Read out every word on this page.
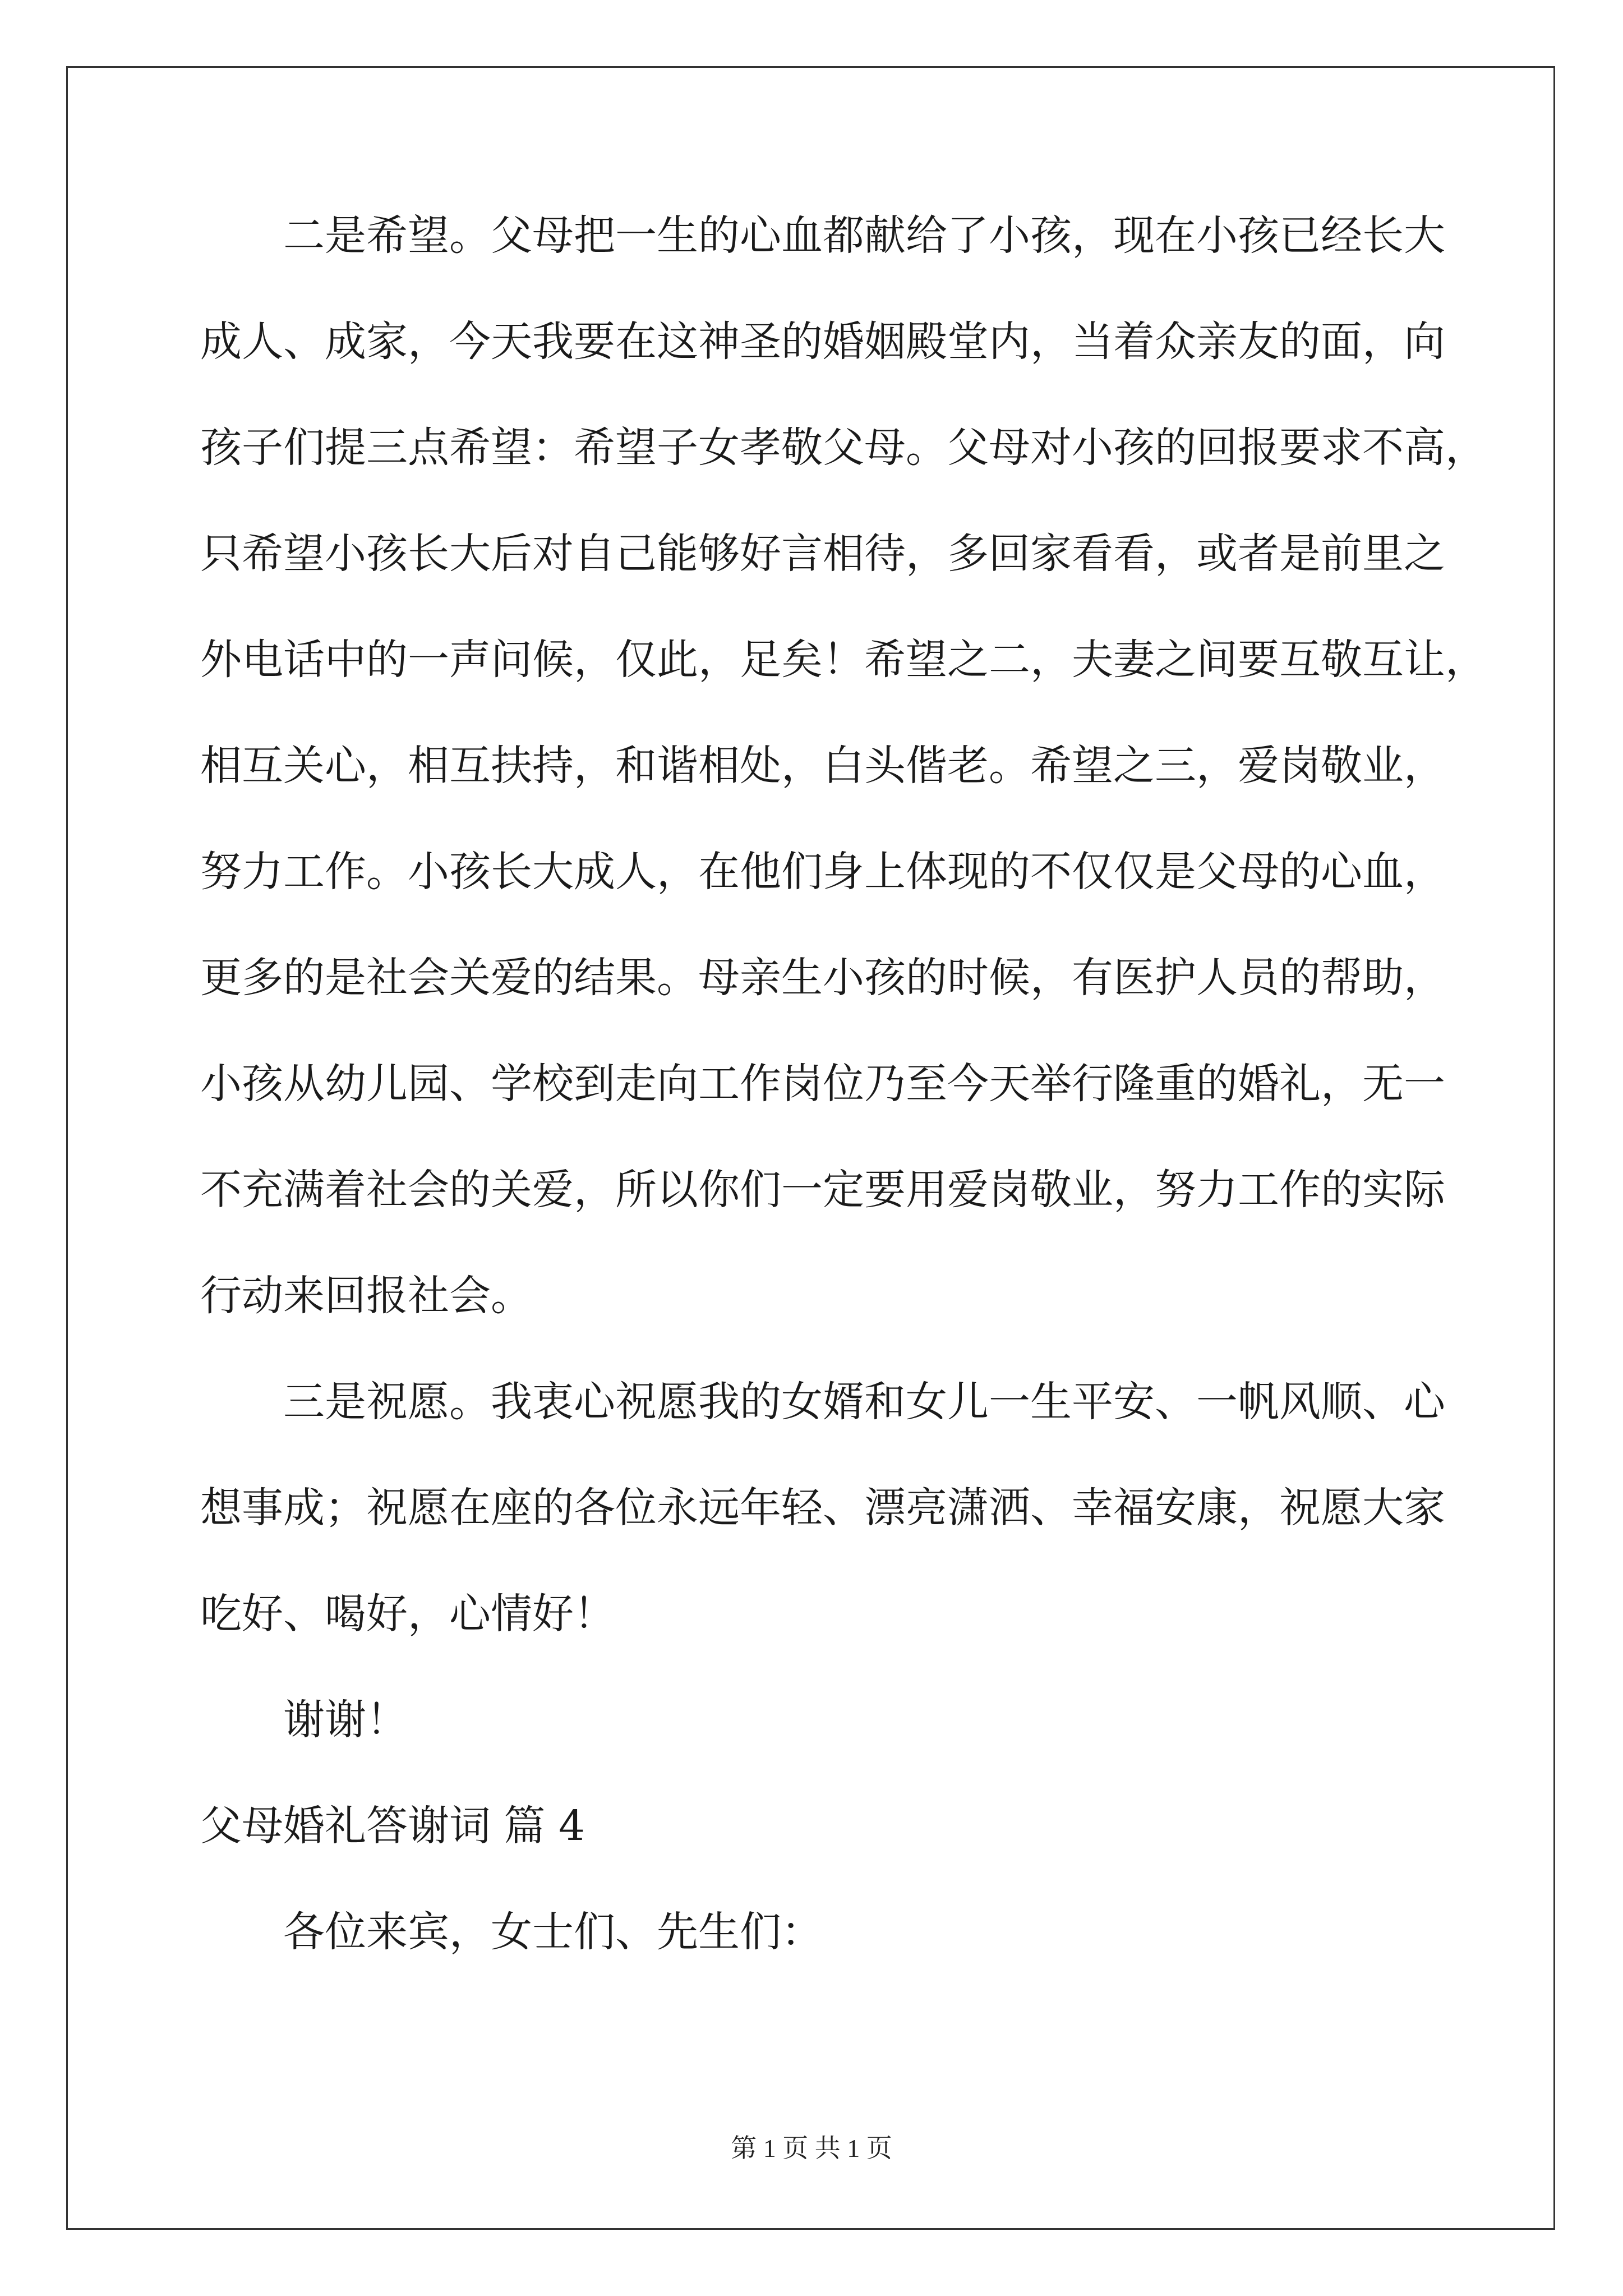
二是希望。父母把一生的心血都献给了小孩，现在小孩已经长大
成人、成家，今天我要在这神圣的婚姻殿堂内，当着众亲友的面，向
孩子们提三点希望：希望子女孝敬父母。父母对小孩的回报要求不高，
只希望小孩长大后对自己能够好言相待，多回家看看，或者是前里之
外电话中的一声问候，仅此，足矣！希望之二，夫妻之间要互敬互让，
相互关心，相互扶持，和谐相处，白头偕老。希望之三，爱岗敬业，
努力工作。小孩长大成人，在他们身上体现的不仅仅是父母的心血，
更多的是社会关爱的结果。母亲生小孩的时候，有医护人员的帮助，
小孩从幼儿园、学校到走向工作岗位乃至今天举行隆重的婚礼，无一
不充满着社会的关爱，所以你们一定要用爱岗敬业，努力工作的实际
行动来回报社会。
三是祝愿。我衷心祝愿我的女婿和女儿一生平安、一帆风顺、心
想事成；祝愿在座的各位永远年轻、漂亮潇洒、幸福安康，祝愿大家
吃好、喝好，心情好！
谢谢！
父母婚礼答谢词 篇 4
各位来宾，女士们、先生们：
第 1 页 共 1 页
